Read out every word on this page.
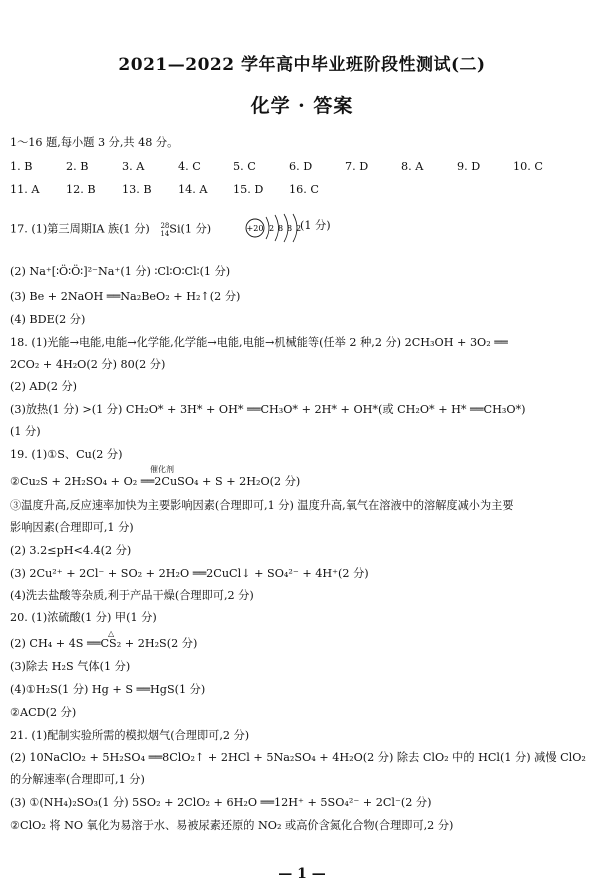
2021—2022 学年高中毕业班阶段性测试(二)
化学 · 答案
1～16 题,每小题 3 分,共 48 分。
1. B	2. B	3. A	4. C	5. C	6. D	7. D	8. A	9. D	10. C
11. A 12. B 13. B 14. A 15. D 16. C
17. (1)第三周期ⅠA 族(1 分)   $^{28}_{14}$Si(1 分)	+20 2 8 8 2
(1 分)
(2) Na⁺[∶Ö∶Ö∶]²⁻Na⁺(1 分) ∶Cl∶O∶Cl∶(1 分)
(3) Be + 2NaOH ══Na₂BeO₂ + H₂↑(2 分)
(4) BDE(2 分)
18. (1)光能→电能,电能→化学能,化学能→电能,电能→机械能等(任举 2 种,2 分) 2CH₃OH + 3O₂ ══
2CO₂ + 4H₂O(2 分) 80(2 分)
(2) AD(2 分)
(3)放热(1 分) >(1 分) CH₂O* + 3H* + OH* ══CH₃O* + 2H* + OH*(或 CH₂O* + H* ══CH₃O*)
(1 分)
19. (1)①S、Cu(2 分)
催化剂
②Cu₂S + 2H₂SO₄ + O₂ ══2CuSO₄ + S + 2H₂O(2 分)
③温度升高,反应速率加快为主要影响因素(合理即可,1 分) 温度升高,氧气在溶液中的溶解度减小为主要
影响因素(合理即可,1 分)
(2) 3.2≤pH<4.4(2 分)
(3) 2Cu²⁺ + 2Cl⁻ + SO₂ + 2H₂O ══2CuCl↓ + SO₄²⁻ + 4H⁺(2 分)
(4)洗去盐酸等杂质,利于产品干燥(合理即可,2 分)
20. (1)浓硫酸(1 分) 甲(1 分)
△
(2) CH₄ + 4S ══CS₂ + 2H₂S(2 分)
(3)除去 H₂S 气体(1 分)
(4)①H₂S(1 分) Hg + S ══HgS(1 分)
②ACD(2 分)
21. (1)配制实验所需的模拟烟气(合理即可,2 分)
(2) 10NaClO₂ + 5H₂SO₄ ══8ClO₂↑ + 2HCl + 5Na₂SO₄ + 4H₂O(2 分) 除去 ClO₂ 中的 HCl(1 分) 减慢 ClO₂
的分解速率(合理即可,1 分)
(3) ①(NH₄)₂SO₃(1 分) 5SO₂ + 2ClO₂ + 6H₂O ══12H⁺ + 5SO₄²⁻ + 2Cl⁻(2 分)
②ClO₂ 将 NO 氧化为易溶于水、易被尿素还原的 NO₂ 或高价含氮化合物(合理即可,2 分)
— 1 —
